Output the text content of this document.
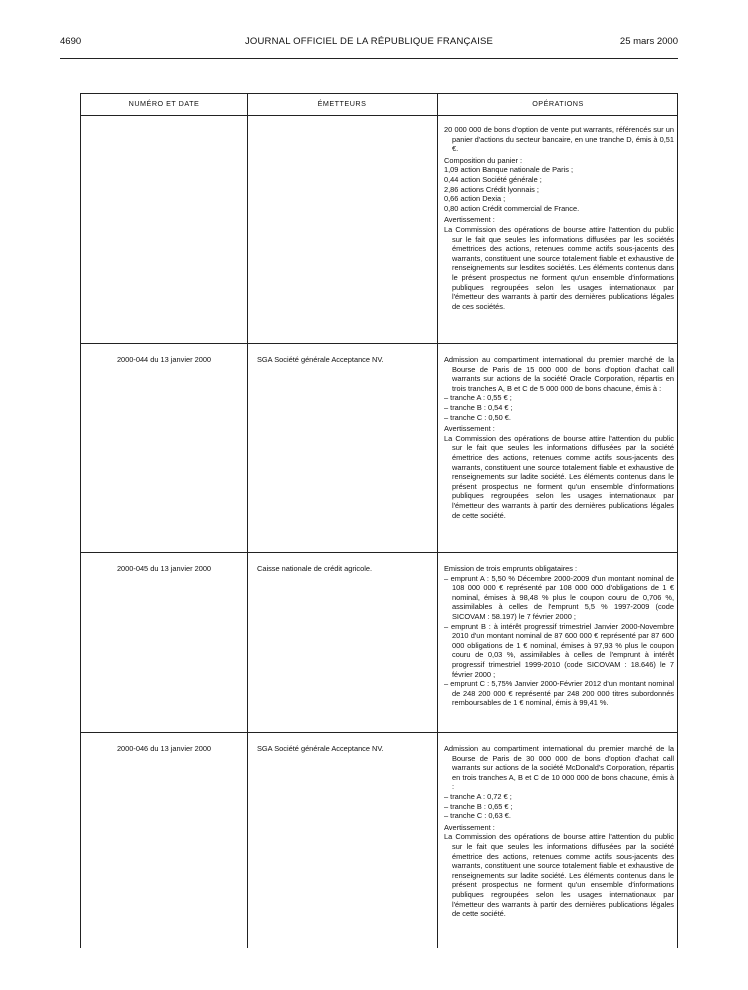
4690	JOURNAL OFFICIEL DE LA RÉPUBLIQUE FRANÇAISE	25 mars 2000
NUMÉRO ET DATE	ÉMETTEURS	OPÉRATIONS

20 000 000 de bons d'option de vente put warrants, référencés sur un panier d'actions du secteur bancaire, en une tranche D, émis à 0,51 €.

Composition du panier :

1,09 action Banque nationale de Paris ;

0,44 action Société générale ;

2,86 actions Crédit lyonnais ;

0,66 action Dexia ;

0,80 action Crédit commercial de France.

Avertissement :

La Commission des opérations de bourse attire l'attention du public sur le fait que seules les informations diffusées par les sociétés émettrices des actions, retenues comme actifs sous-jacents des warrants, constituent une source totalement fiable et exhaustive de renseignements sur lesdites sociétés. Les éléments contenus dans le présent prospectus ne forment qu'un ensemble d'informations publiques regroupées selon les usages internationaux par l'émetteur des warrants à partir des dernières publications légales de ces sociétés.

2000-044 du 13 janvier 2000	SGA Société générale Acceptance NV.	Admission au compartiment international du premier marché de la Bourse de Paris de 15 000 000 de bons d'option d'achat call warrants sur actions de la société Oracle Corporation, répartis en trois tranches A, B et C de 5 000 000 de bons chacune, émis à :

– tranche A : 0,55 € ;

– tranche B : 0,54 € ;

– tranche C : 0,50 €.

Avertissement :

La Commission des opérations de bourse attire l'attention du public sur le fait que seules les informations diffusées par la société émettrice des actions, retenues comme actifs sous-jacents des warrants, constituent une source totalement fiable et exhaustive de renseignements sur ladite société. Les éléments contenus dans le présent prospectus ne forment qu'un ensemble d'informations publiques regroupées selon les usages internationaux par l'émetteur des warrants à partir des dernières publications légales de cette société.

2000-045 du 13 janvier 2000	Caisse nationale de crédit agricole.	Emission de trois emprunts obligataires :

– emprunt A : 5,50 % Décembre 2000-2009 d'un montant nominal de 108 000 000 € représenté par 108 000 000 d'obligations de 1 € nominal, émises à 98,48 % plus le coupon couru de 0,706 %, assimilables à celles de l'emprunt 5,5 % 1997-2009 (code SICOVAM : 58.197) le 7 février 2000 ;

– emprunt B : à intérêt progressif trimestriel Janvier 2000-Novembre 2010 d'un montant nominal de 87 600 000 € représenté par 87 600 000 obligations de 1 € nominal, émises à 97,93 % plus le coupon couru de 0,03 %, assimilables à celles de l'emprunt à intérêt progressif trimestriel 1999-2010 (code SICOVAM : 18.646) le 7 février 2000 ;

– emprunt C : 5,75% Janvier 2000-Février 2012 d'un montant nominal de 248 200 000 € représenté par 248 200 000 titres subordonnés remboursables de 1 € nominal, émis à 99,41 %.

2000-046 du 13 janvier 2000	SGA Société générale Acceptance NV.	Admission au compartiment international du premier marché de la Bourse de Paris de 30 000 000 de bons d'option d'achat call warrants sur actions de la société McDonald's Corporation, répartis en trois tranches A, B et C de 10 000 000 de bons chacune, émis à :

– tranche A : 0,72 € ;

– tranche B : 0,65 € ;

– tranche C : 0,63 €.

Avertissement :

La Commission des opérations de bourse attire l'attention du public sur le fait que seules les informations diffusées par la société émettrice des actions, retenues comme actifs sous-jacents des warrants, constituent une source totalement fiable et exhaustive de renseignements sur ladite société. Les éléments contenus dans le présent prospectus ne forment qu'un ensemble d'informations publiques regroupées selon les usages internationaux par l'émetteur des warrants à partir des dernières publications légales de cette société.
